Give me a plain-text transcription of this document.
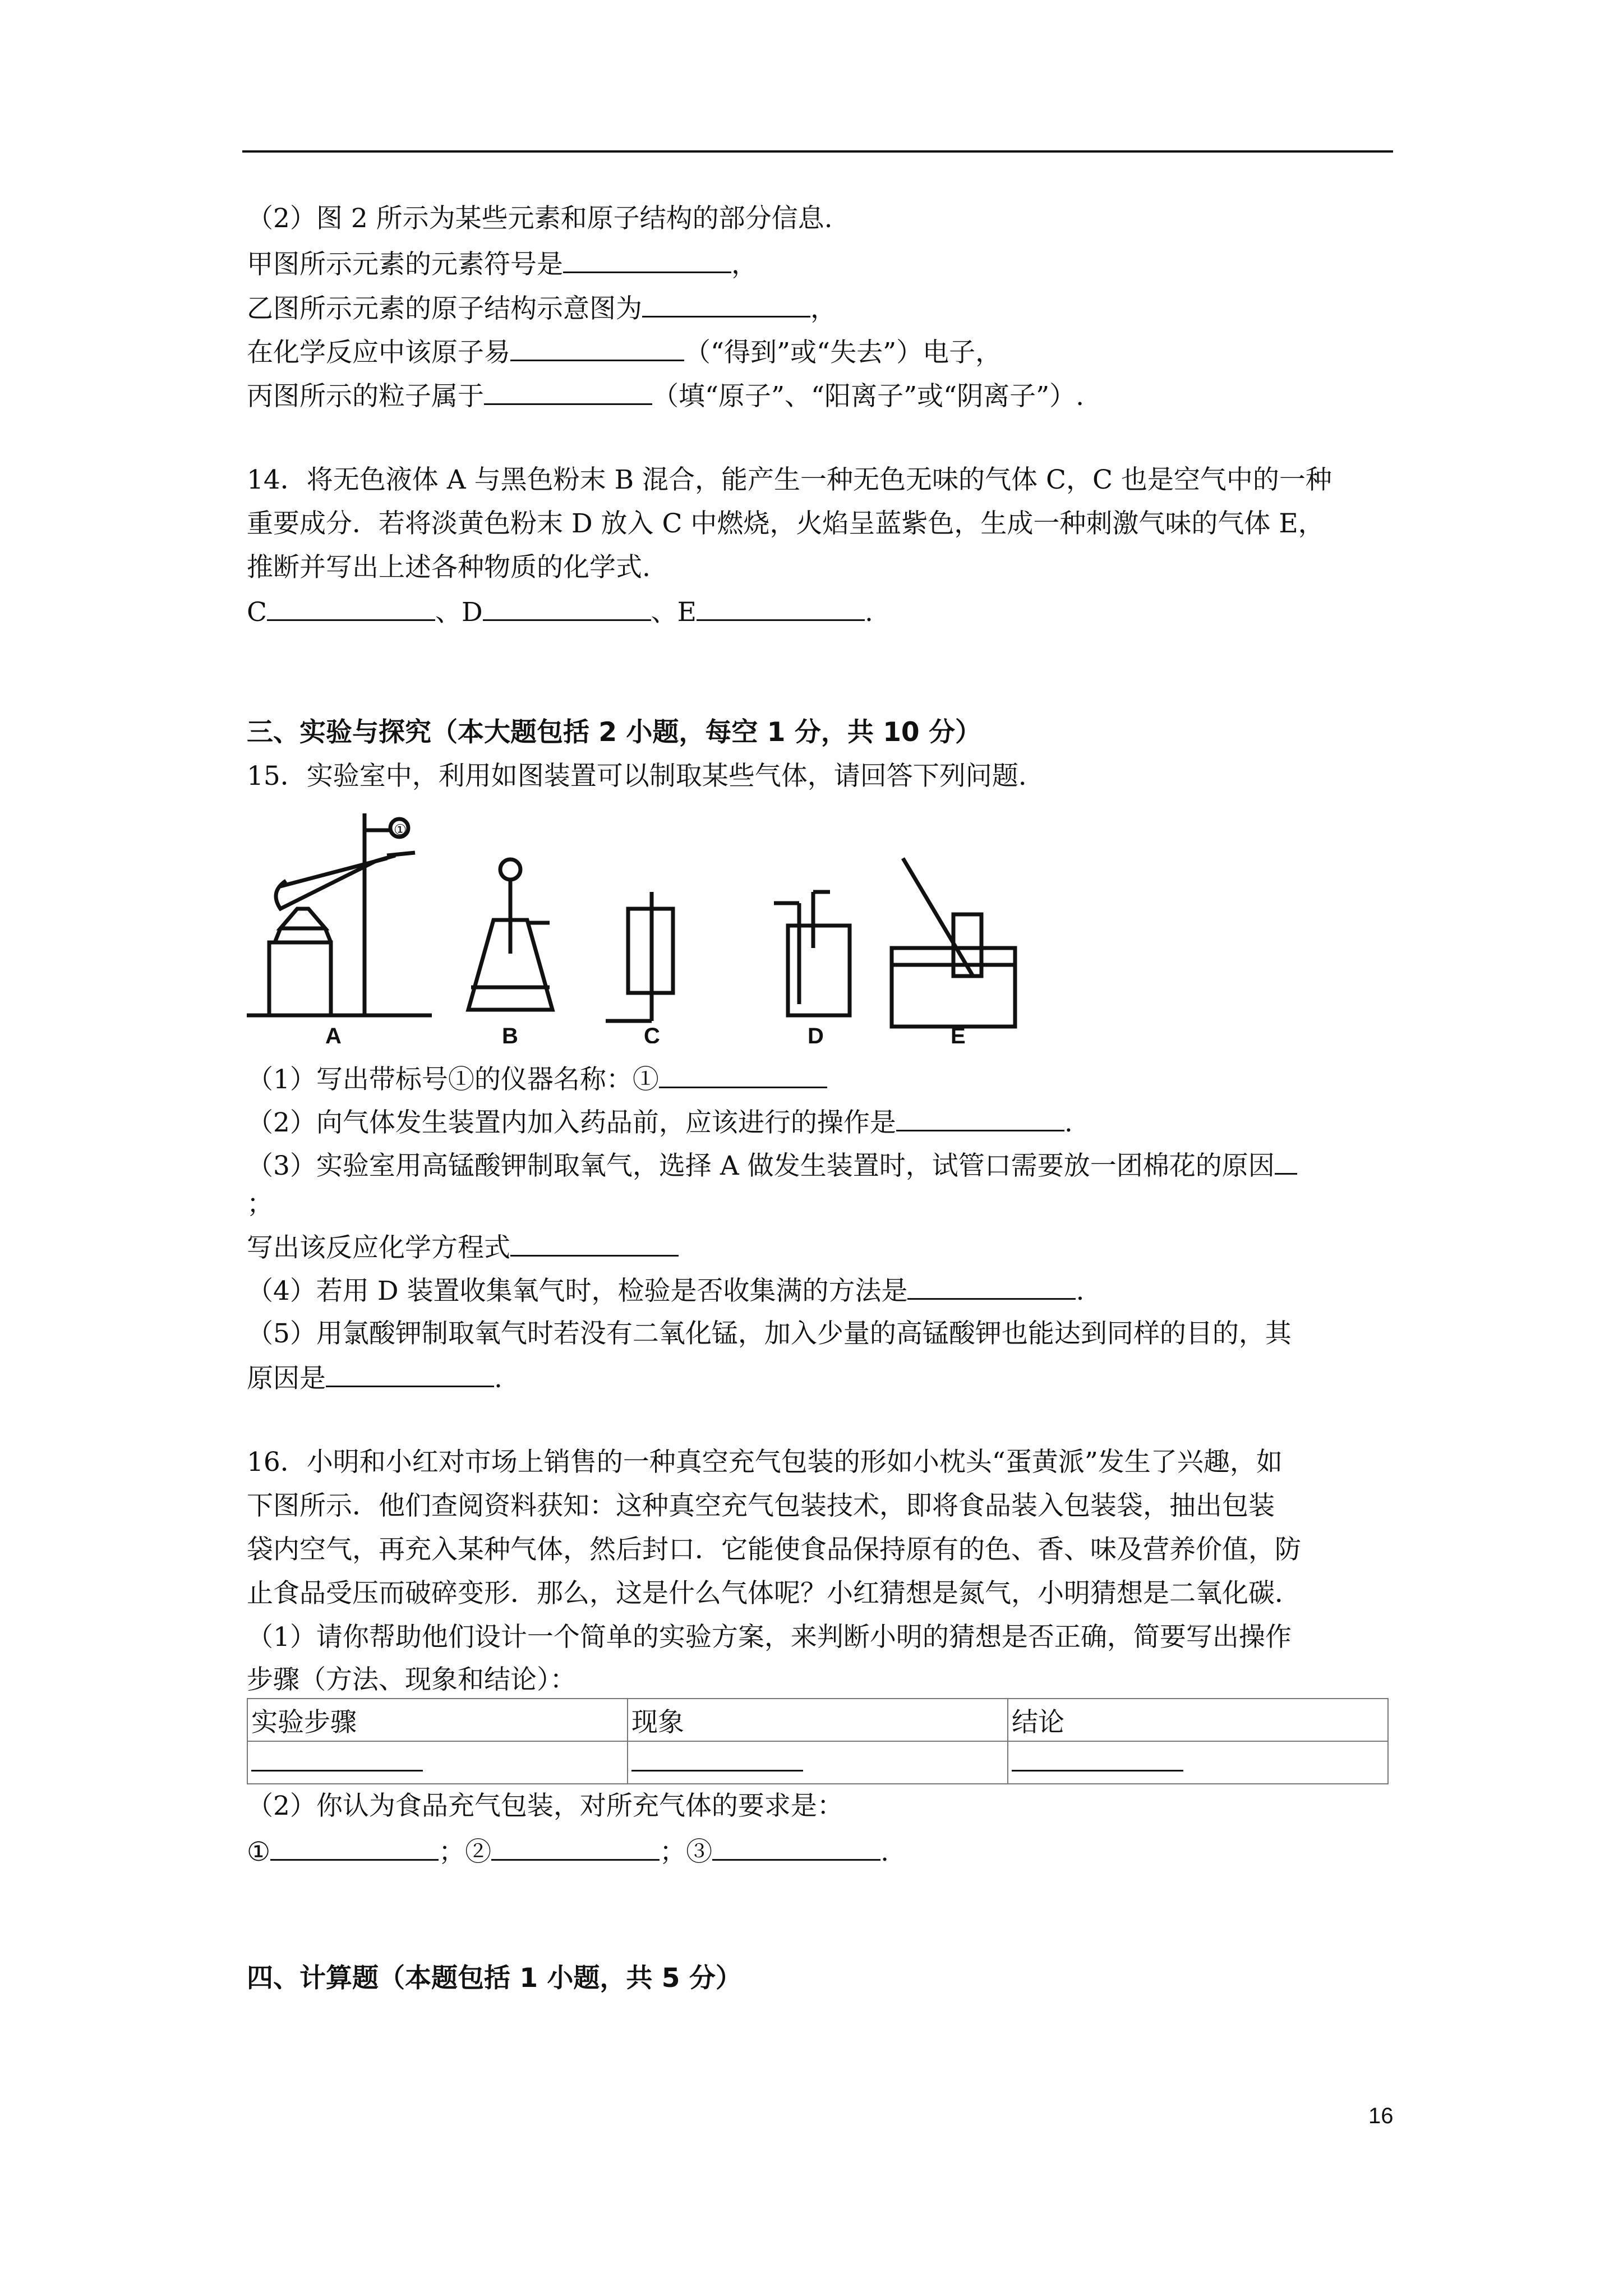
（2）图 2 所示为某些元素和原子结构的部分信息.
甲图所示元素的元素符号是	，
乙图所示元素的原子结构示意图为	，
在化学反应中该原子易	（“得到”或“失去”）电子，
丙图所示的粒子属于	（填“原子”、“阳离子”或“阴离子”）.
14．将无色液体 A 与黑色粉末 B 混合，能产生一种无色无味的气体 C，C 也是空气中的一种
重要成分．若将淡黄色粉末 D 放入 C 中燃烧，火焰呈蓝紫色，生成一种刺激气味的气体 E，
推断并写出上述各种物质的化学式.
C	、D	、E	.
三、实验与探究（本大题包括 2 小题，每空 1 分，共 10 分）
15．实验室中，利用如图装置可以制取某些气体，请回答下列问题.
A	B	C	D	E
①
（1）写出带标号①的仪器名称：①
（2）向气体发生装置内加入药品前，应该进行的操作是	.
（3）实验室用高锰酸钾制取氧气，选择 A 做发生装置时，试管口需要放一团棉花的原因
；
写出该反应化学方程式
（4）若用 D 装置收集氧气时，检验是否收集满的方法是	.
（5）用氯酸钾制取氧气时若没有二氧化锰，加入少量的高锰酸钾也能达到同样的目的，其
原因是	.
16．小明和小红对市场上销售的一种真空充气包装的形如小枕头“蛋黄派”发生了兴趣，如
下图所示．他们查阅资料获知：这种真空充气包装技术，即将食品装入包装袋，抽出包装
袋内空气，再充入某种气体，然后封口．它能使食品保持原有的色、香、味及营养价值，防
止食品受压而破碎变形．那么，这是什么气体呢？小红猜想是氮气，小明猜想是二氧化碳．
（1）请你帮助他们设计一个简单的实验方案，来判断小明的猜想是否正确，简要写出操作
步骤（方法、现象和结论）：
实验步骤	现象	结论

（2）你认为食品充气包装，对所充气体的要求是：
①	；②	；③	.
四、计算题（本题包括 1 小题，共 5 分）
16
